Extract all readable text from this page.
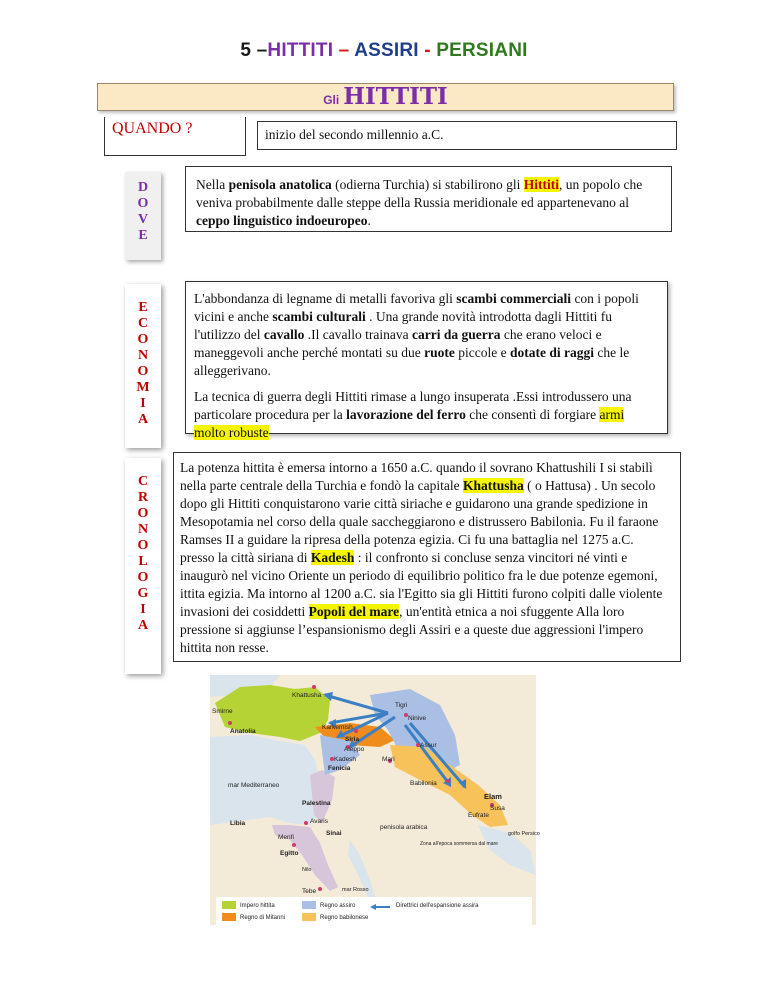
5 –HITTITI – ASSIRI - PERSIANI
Gli HITTITI
QUANDO ?	inizio del secondo millennio a.C.
D
O
V
E

Nella penisola anatolica (odierna Turchia) si stabilirono gli Hittiti, un popolo che veniva probabilmente dalle steppe della Russia meridionale ed appartenevano al ceppo linguistico indoeuropeo.

E
C
O
N
O
M
I
A

L'abbondanza di legname di metalli favoriva gli scambi commerciali con i popoli vicini e anche scambi culturali . Una grande novità introdotta dagli Hittiti fu l'utilizzo del cavallo .Il cavallo trainava carri da guerra che erano veloci e maneggevoli anche perché montati su due ruote piccole e dotate di raggi che le alleggerivano.

La tecnica di guerra degli Hittiti rimase a lungo insuperata .Essi introdussero una particolare procedura per la lavorazione del ferro che consentì di forgiare armi molto robuste

C
R
O
N
O
L
O
G
I
A

La potenza hittita è emersa intorno a 1650 a.C. quando il sovrano Khattushili I si stabilì nella parte centrale della Turchia e fondò la capitale Khattusha ( o Hattusa) . Un secolo dopo gli Hittiti conquistarono varie città siriache e guidarono una grande spedizione in Mesopotamia nel corso della quale saccheggiarono e distrussero Babilonia. Fu il faraone Ramses II a guidare la ripresa della potenza egizia. Ci fu una battaglia nel 1275 a.C. presso la città siriana di Kadesh : il confronto si concluse senza vincitori né vinti e inaugurò nel vicino Oriente un periodo di equilibrio politico fra le due potenze egemoni, ittita egizia. Ma intorno al 1200 a.C. sia l'Egitto sia gli Hittiti furono colpiti dalle violente invasioni dei cosiddetti Popoli del mare, un'entità etnica a noi sfuggente Alla loro pressione si aggiunse l’espansionismo degli Assiri e a queste due aggressioni l'impero hittita non resse.

Khattusha
Smirne
Anatolia
Karkemish
Tigri
Ninive
Siria
Aleppo
Assur
Kadesh
Fenicia
Mari
mar Mediterraneo	Babilonia
Elam
Susa
Palestina
Eufrate
Avaris
Libia
Menfi
Sinai
penisola arabica
golfo Persico
Egitto
Zona all'epoca sommersa dal mare
Nilo
Tebe	mar Rosso
Impero hittita
Regno di Mitanni
Regno assiro
Regno babilonese
Direttrici dell'espansione assira
